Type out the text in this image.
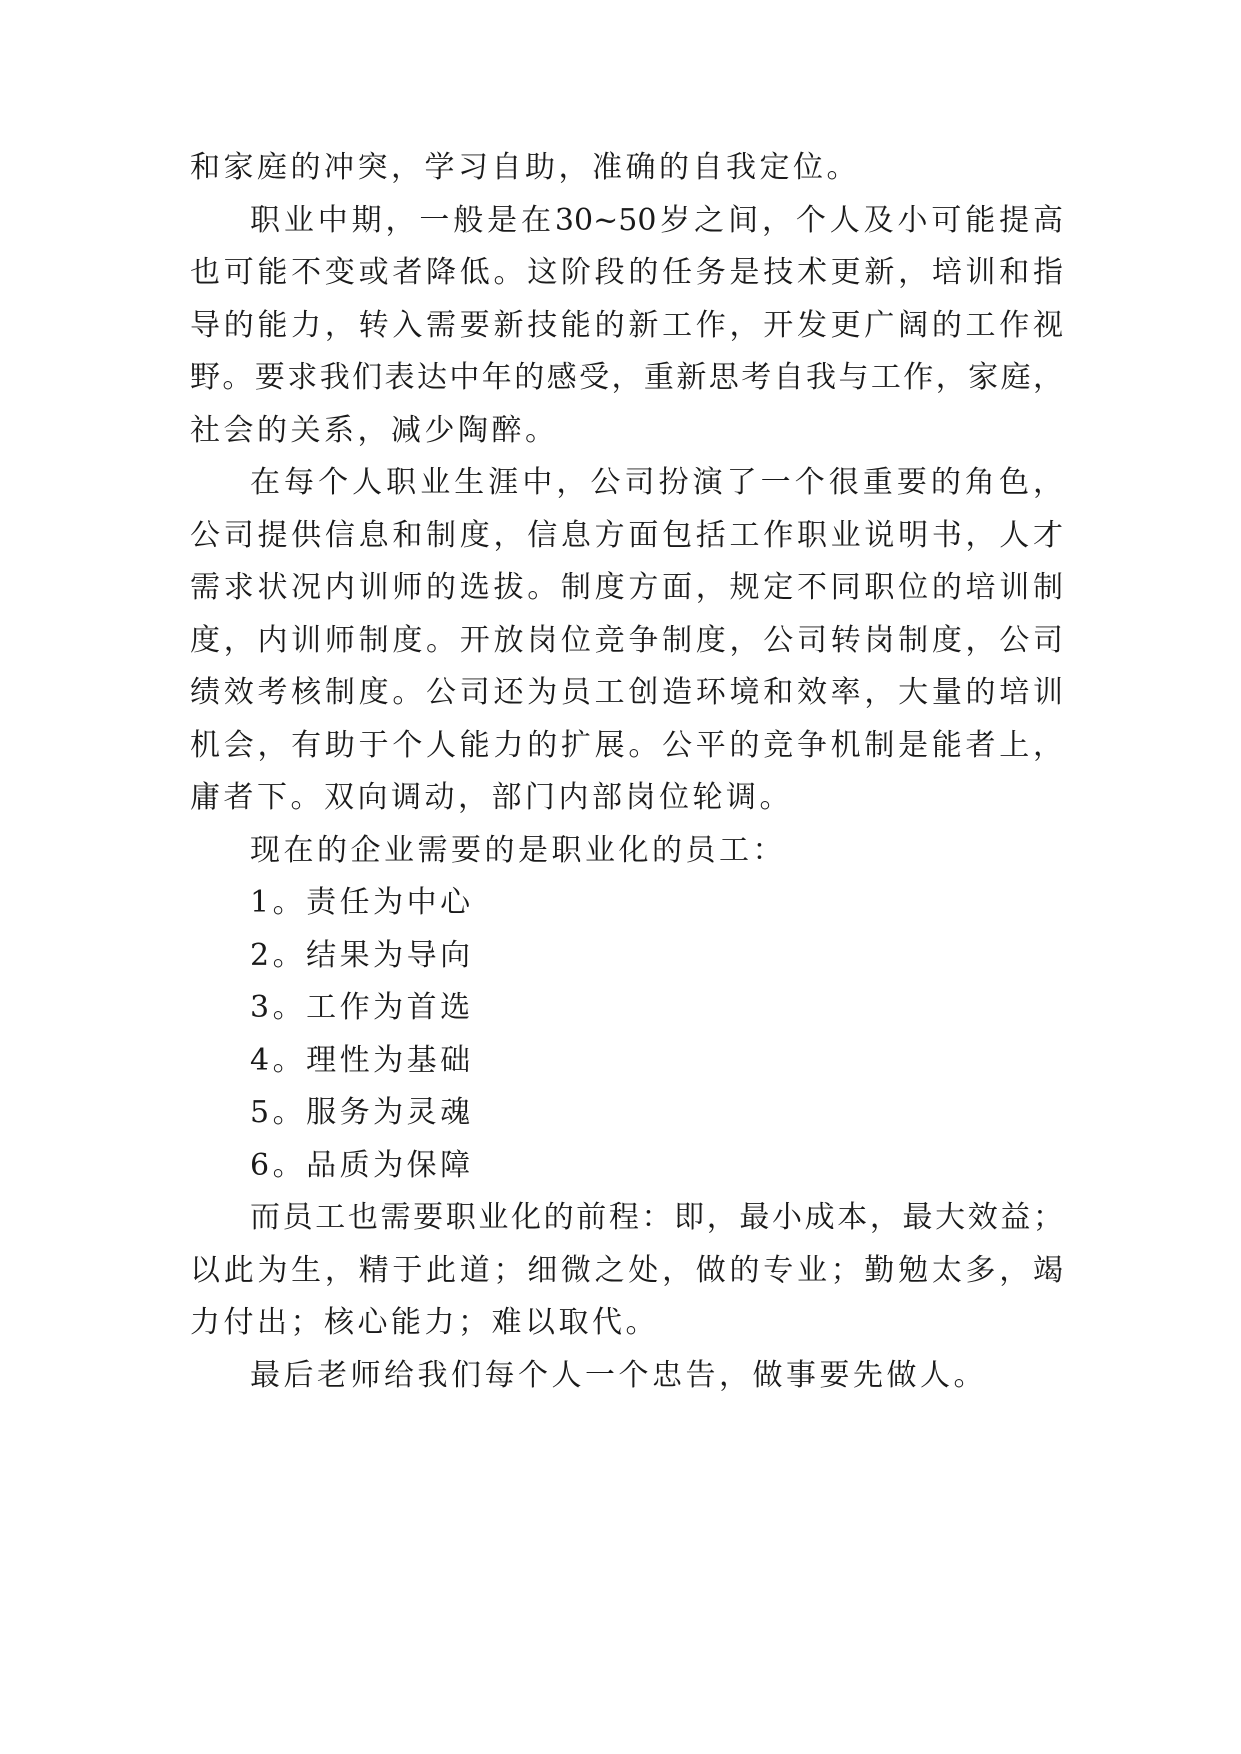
和家庭的冲突，学习自助，准确的自我定位。
职业中期，一般是在30~50岁之间，个人及小可能提高
也可能不变或者降低。这阶段的任务是技术更新，培训和指
导的能力，转入需要新技能的新工作，开发更广阔的工作视
野。要求我们表达中年的感受，重新思考自我与工作，家庭，
社会的关系，减少陶醉。
在每个人职业生涯中，公司扮演了一个很重要的角色，
公司提供信息和制度，信息方面包括工作职业说明书，人才
需求状况内训师的选拔。制度方面，规定不同职位的培训制
度，内训师制度。开放岗位竞争制度，公司转岗制度，公司
绩效考核制度。公司还为员工创造环境和效率，大量的培训
机会，有助于个人能力的扩展。公平的竞争机制是能者上，
庸者下。双向调动，部门内部岗位轮调。
现在的企业需要的是职业化的员工：
1。责任为中心
2。结果为导向
3。工作为首选
4。理性为基础
5。服务为灵魂
6。品质为保障
而员工也需要职业化的前程：即，最小成本，最大效益；
以此为生，精于此道；细微之处，做的专业；勤勉太多，竭
力付出；核心能力；难以取代。
最后老师给我们每个人一个忠告，做事要先做人。
